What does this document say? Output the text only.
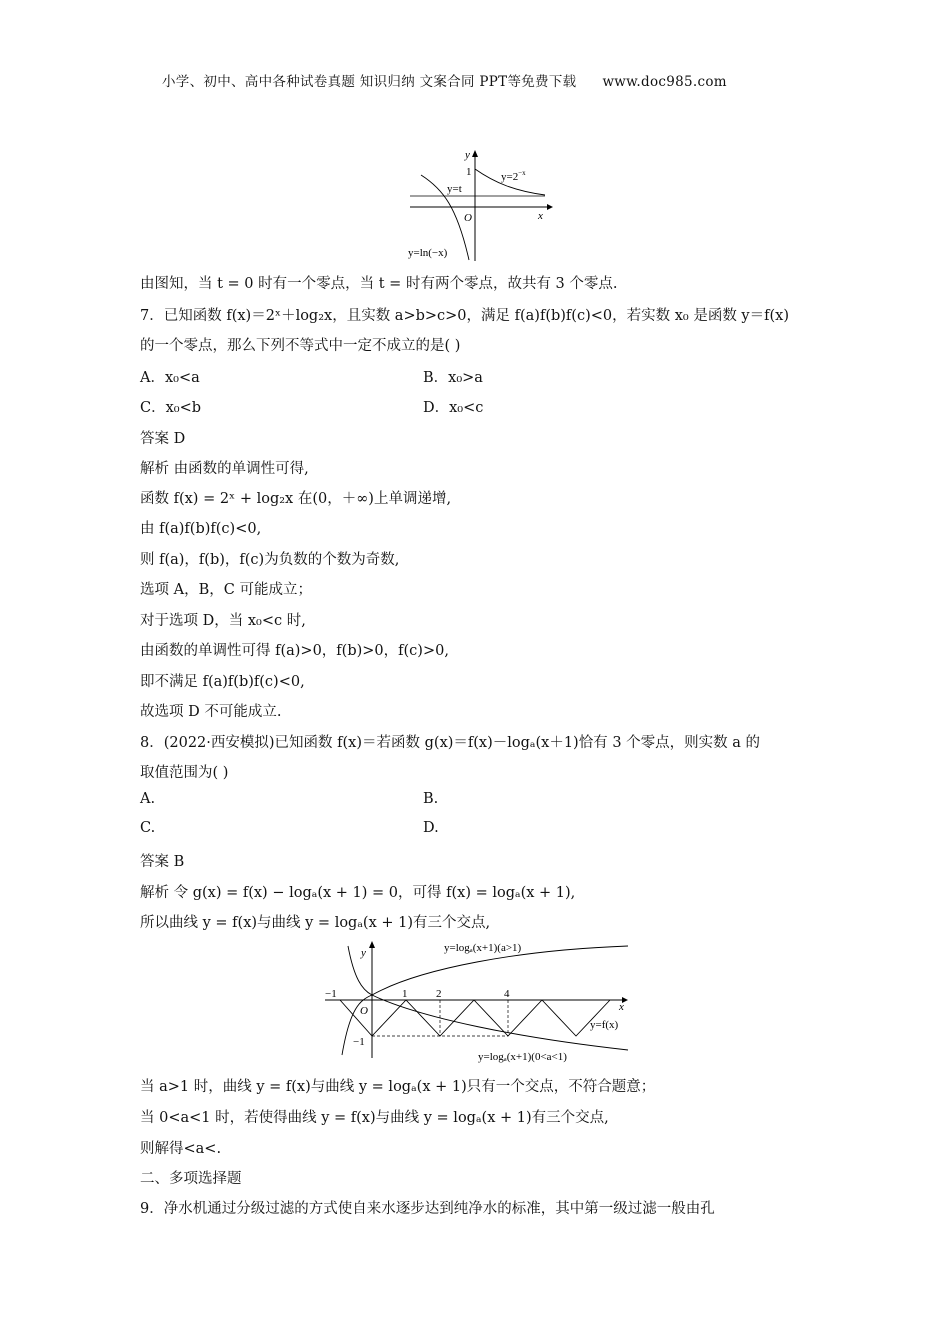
小学、初中、高中各种试卷真题 知识归纳 文案合同 PPT等免费下载 www.doc985.com
y
x
O
1	$y=2^{-x}$
y=t
y=ln(−x)
由图知，当 t = 0 时有一个零点，当 t = 时有两个零点，故共有 3 个零点.
7．已知函数 f(x)＝2ˣ＋log₂x，且实数 a>b>c>0，满足 f(a)f(b)f(c)<0，若实数 x₀ 是函数 y＝f(x)
的一个零点，那么下列不等式中一定不成立的是( )
A．x₀<a	B．x₀>a
C．x₀<b	D．x₀<c
答案 D
解析 由函数的单调性可得,
函数 f(x) = 2ˣ + log₂x 在(0，＋∞)上单调递增,
由 f(a)f(b)f(c)<0,
则 f(a)，f(b)，f(c)为负数的个数为奇数,
选项 A，B，C 可能成立；
对于选项 D，当 x₀<c 时,
由函数的单调性可得 f(a)>0，f(b)>0，f(c)>0,
即不满足 f(a)f(b)f(c)<0,
故选项 D 不可能成立.
8．(2022·西安模拟)已知函数 f(x)＝若函数 g(x)＝f(x)－logₐ(x＋1)恰有 3 个零点，则实数 a 的
取值范围为( )
A.	B.
C.	D.
答案 B
解析 令 g(x) = f(x) − logₐ(x + 1) = 0，可得 f(x) = logₐ(x + 1),
所以曲线 y = f(x)与曲线 y = logₐ(x + 1)有三个交点,
y
x
O
−1	1	2	4
−1
y=logₐ(x+1)(a>1)
y=f(x)
y=logₐ(x+1)(0<a<1)
当 a>1 时，曲线 y = f(x)与曲线 y = logₐ(x + 1)只有一个交点，不符合题意；
当 0<a<1 时，若使得曲线 y = f(x)与曲线 y = logₐ(x + 1)有三个交点,
则解得<a<.
二、多项选择题
9．净水机通过分级过滤的方式使自来水逐步达到纯净水的标准，其中第一级过滤一般由孔
